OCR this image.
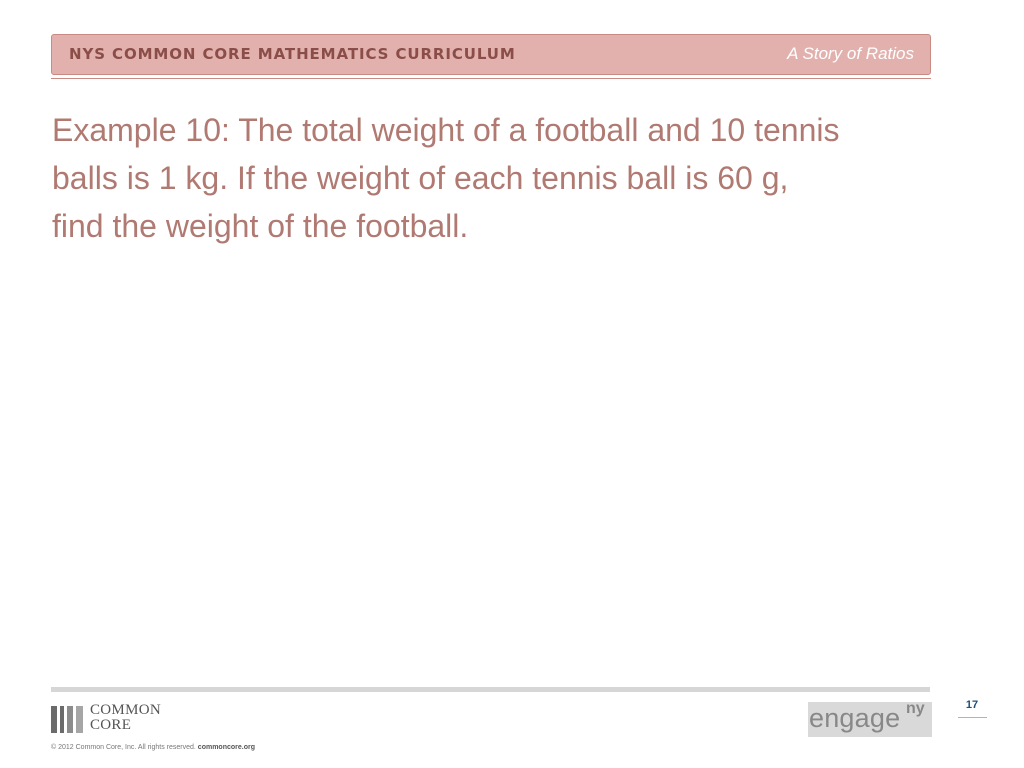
NYS COMMON CORE MATHEMATICS CURRICULUM	A Story of Ratios

Example 10: The total weight of a football and 10 tennis
balls is 1 kg. If the weight of each tennis ball is 60 g,
find the weight of the football.

COMMON
CORE
© 2012 Common Core, Inc. All rights reserved. commoncore.org
engage ny	17
